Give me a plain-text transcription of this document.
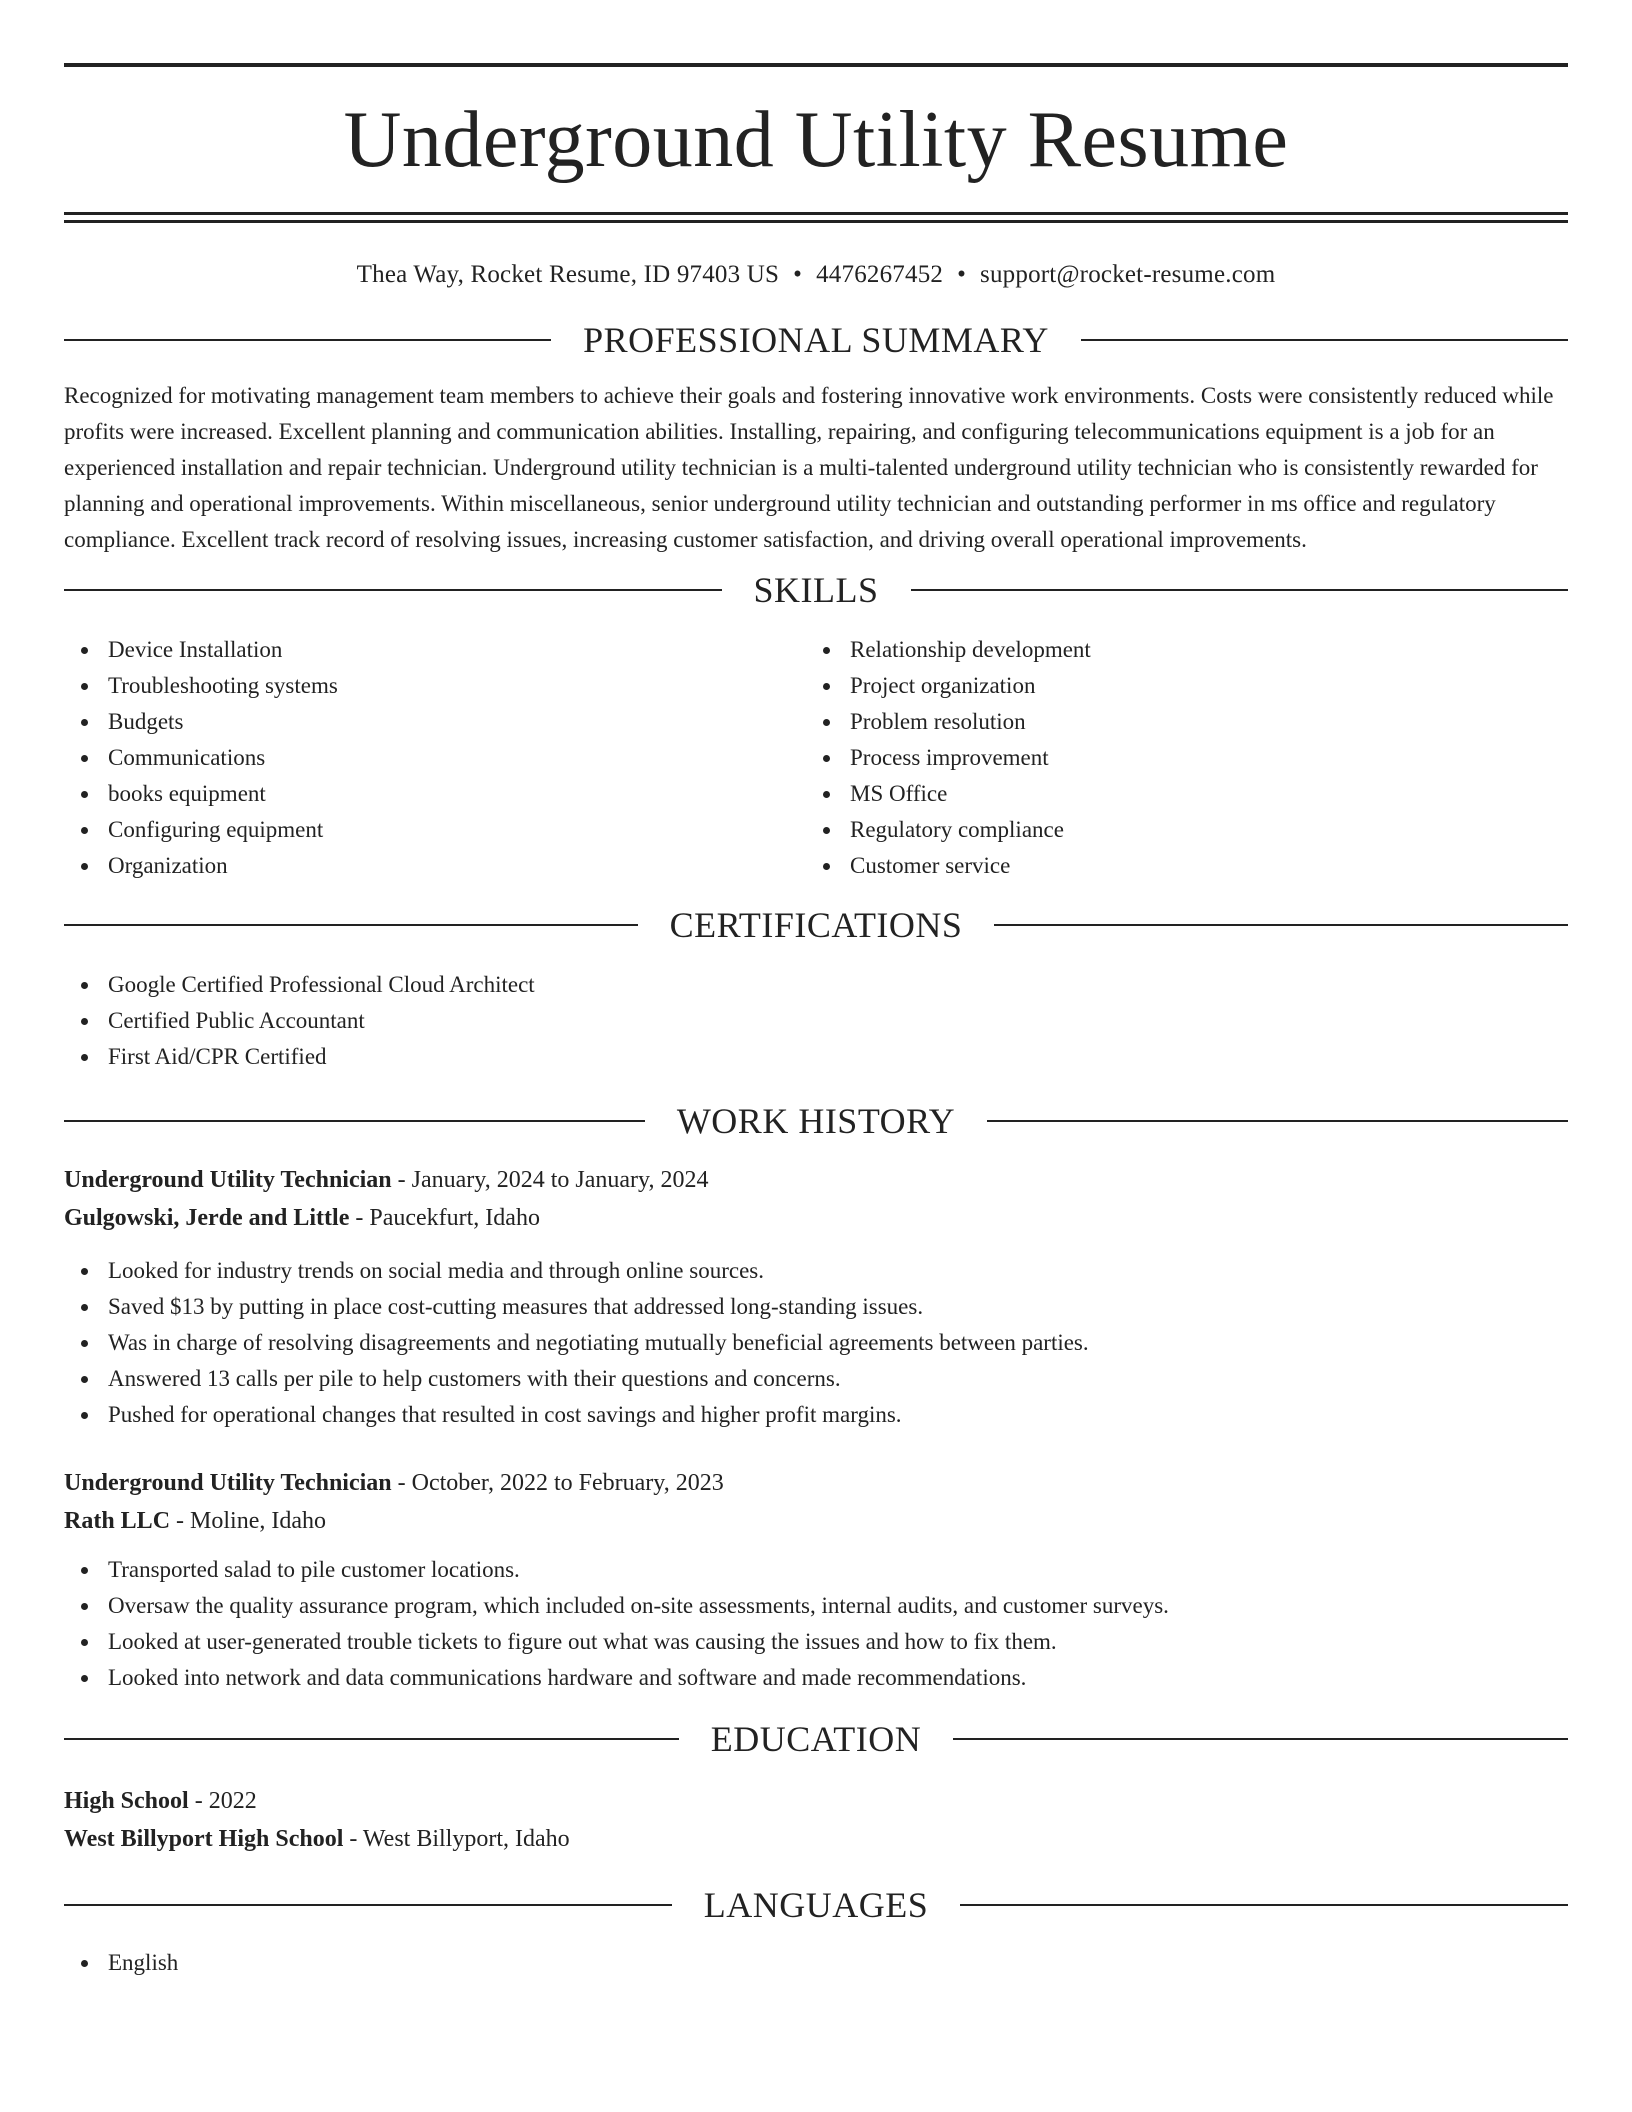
Underground Utility Resume
Thea Way, Rocket Resume, ID 97403 US • 4476267452 • support@rocket-resume.com
PROFESSIONAL SUMMARY

Recognized for motivating management team members to achieve their goals and fostering innovative work environments. Costs were consistently reduced while profits were increased. Excellent planning and communication abilities. Installing, repairing, and configuring telecommunications equipment is a job for an experienced installation and repair technician. Underground utility technician is a multi-talented underground utility technician who is consistently rewarded for planning and operational improvements. Within miscellaneous, senior underground utility technician and outstanding performer in ms office and regulatory compliance. Excellent track record of resolving issues, increasing customer satisfaction, and driving overall operational improvements.

SKILLS
Device Installation
Troubleshooting systems
Budgets
Communications
books equipment
Configuring equipment
Organization
Relationship development
Project organization
Problem resolution
Process improvement
MS Office
Regulatory compliance
Customer service
CERTIFICATIONS
Google Certified Professional Cloud Architect
Certified Public Accountant
First Aid/CPR Certified
WORK HISTORY
Underground Utility Technician - January, 2024 to January, 2024
Gulgowski, Jerde and Little - Paucekfurt, Idaho
Looked for industry trends on social media and through online sources.
Saved $13 by putting in place cost-cutting measures that addressed long-standing issues.
Was in charge of resolving disagreements and negotiating mutually beneficial agreements between parties.
Answered 13 calls per pile to help customers with their questions and concerns.
Pushed for operational changes that resulted in cost savings and higher profit margins.
Underground Utility Technician - October, 2022 to February, 2023
Rath LLC - Moline, Idaho
Transported salad to pile customer locations.
Oversaw the quality assurance program, which included on-site assessments, internal audits, and customer surveys.
Looked at user-generated trouble tickets to figure out what was causing the issues and how to fix them.
Looked into network and data communications hardware and software and made recommendations.
EDUCATION
High School - 2022
West Billyport High School - West Billyport, Idaho
LANGUAGES
English
